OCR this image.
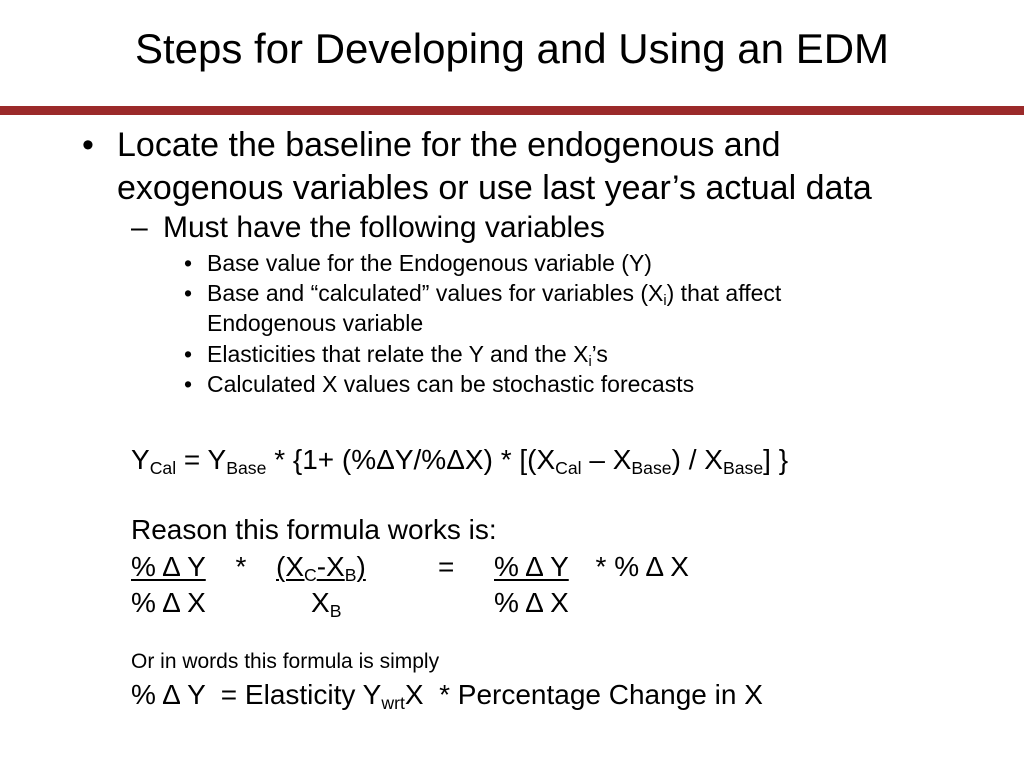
Steps for Developing and Using an EDM
• Locate the baseline for the endogenous and
exogenous variables or use last year’s actual data
– Must have the following variables
• Base value for the Endogenous variable (Y)
• Base and “calculated” values for variables $(X_i)$ that affect
Endogenous variable
• Elasticities that relate the Y and the $X_i’s$
• Calculated X values can be stochastic forecasts
$Y_{Cal} = Y_{Base} * \{1+ (\%\Delta Y/\%\Delta X) * [(X_{Cal} - X_{Base}) / X_{Base}]$ }
Reason this formula works is:
% Δ Y * $(X_C-X_B)$	= % Δ Y * % Δ X
% Δ X	$X_B$	% Δ X
Or in words this formula is simply
% Δ Y  = Elasticity $Y_{wrt}X$  * Percentage Change in X
